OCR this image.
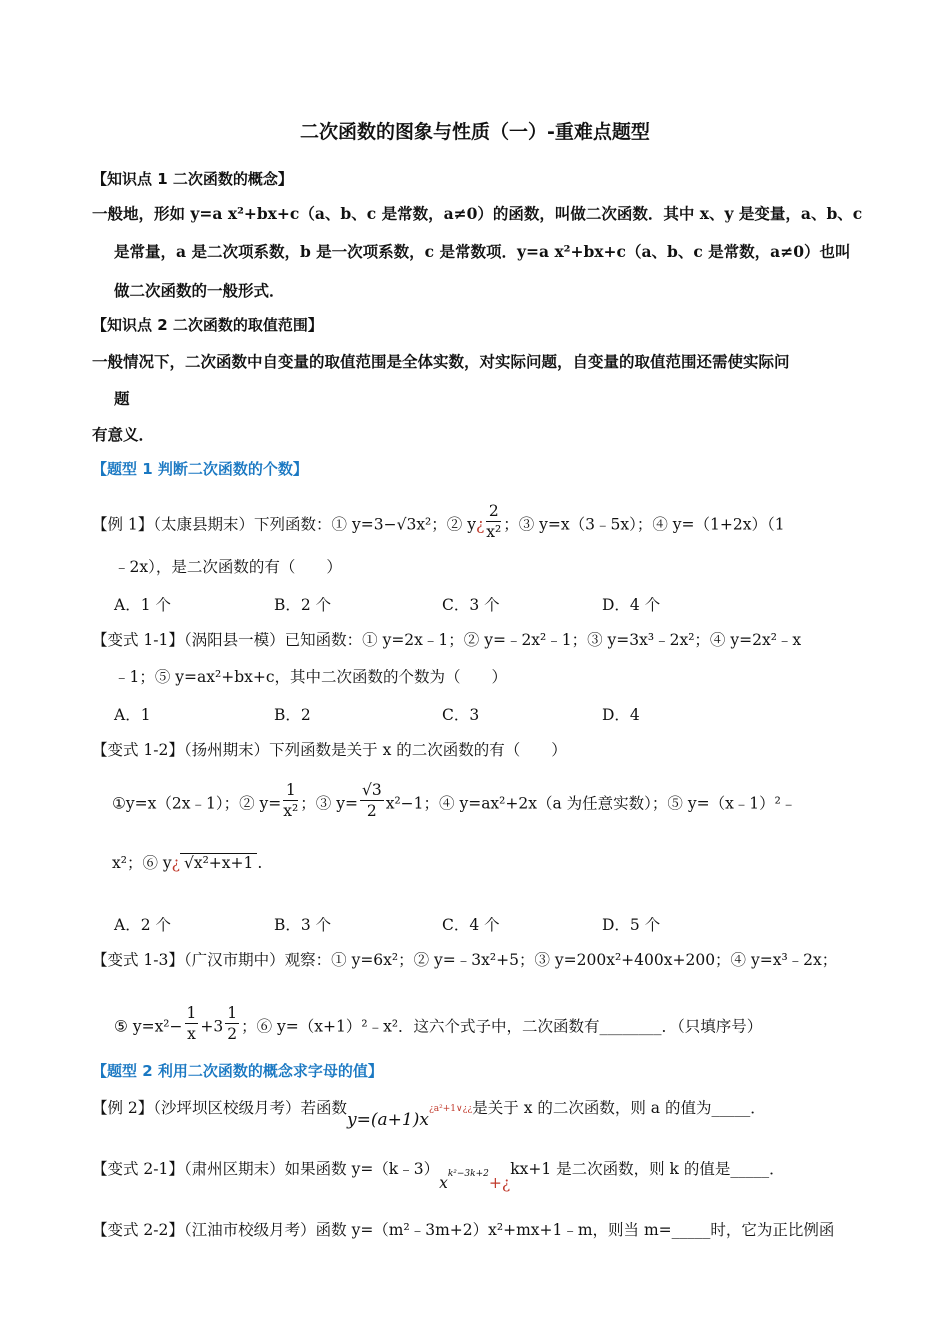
二次函数的图象与性质（一）-重难点题型
【知识点 1 二次函数的概念】
一般地，形如 y=a x²+bx+c（a、b、c 是常数，a≠0）的函数，叫做二次函数．其中 x、y 是变量，a、b、c
是常量，a 是二次项系数，b 是一次项系数，c 是常数项．y=a x²+bx+c（a、b、c 是常数，a≠0）也叫
做二次函数的一般形式．
【知识点 2 二次函数的取值范围】
一般情况下，二次函数中自变量的取值范围是全体实数，对实际问题，自变量的取值范围还需使实际问
题
有意义．
【题型 1 判断二次函数的个数】
【例 1】（太康县期末）下列函数：① y=3−√3x²；② y¿ $\frac{2}{\text{x²}}$ ；③ y=x（3﹣5x）；④ y=（1+2x）（1
﹣2x），是二次函数的有（　　）
A．1 个	B．2 个	C．3 个	D．4 个
【变式 1-1】（涡阳县一模）已知函数：① y=2x﹣1；② y=﹣2x²﹣1；③ y=3x³﹣2x²；④ y=2x²﹣x
﹣1；⑤ y=ax²+bx+c，其中二次函数的个数为（　　）
A．1	B．2	C．3	D．4
【变式 1-2】（扬州期末）下列函数是关于 x 的二次函数的有（　　）
①y=x（2x﹣1）；② $y= \frac{1}{\text{x²}}$ ；③ $y= \frac{√3}{2} x^2-1$；④ y=ax²+2x（a 为任意实数）；⑤ y=（x﹣1）²﹣
x²；⑥ y¿ √x²+x+1 .
A．2 个	B．3 个	C．4 个	D．5 个
【变式 1-3】（广汉市期中）观察：① y=6x²；② y=﹣3x²+5；③ y=200x²+400x+200；④ y=x³﹣2x；
⑤ $y=x^2- \frac{1}{x} +3 \frac{1}{2}$ ；⑥ y=（x+1）²﹣x²．这六个式子中，二次函数有________．（只填序号）
【题型 2 利用二次函数的概念求字母的值】
【例 2】（沙坪坝区校级月考）若函数y=(a+1)x¿a²+1∨¿¿是关于 x 的二次函数，则 a 的值为_____．
【变式 2-1】（肃州区期末）如果函数 y=（k﹣3）xk²−3k+2+¿kx+1 是二次函数，则 k 的值是_____．
【变式 2-2】（江油市校级月考）函数 y=（m²﹣3m+2）x²+mx+1﹣m，则当 m=_____时，它为正比例函
